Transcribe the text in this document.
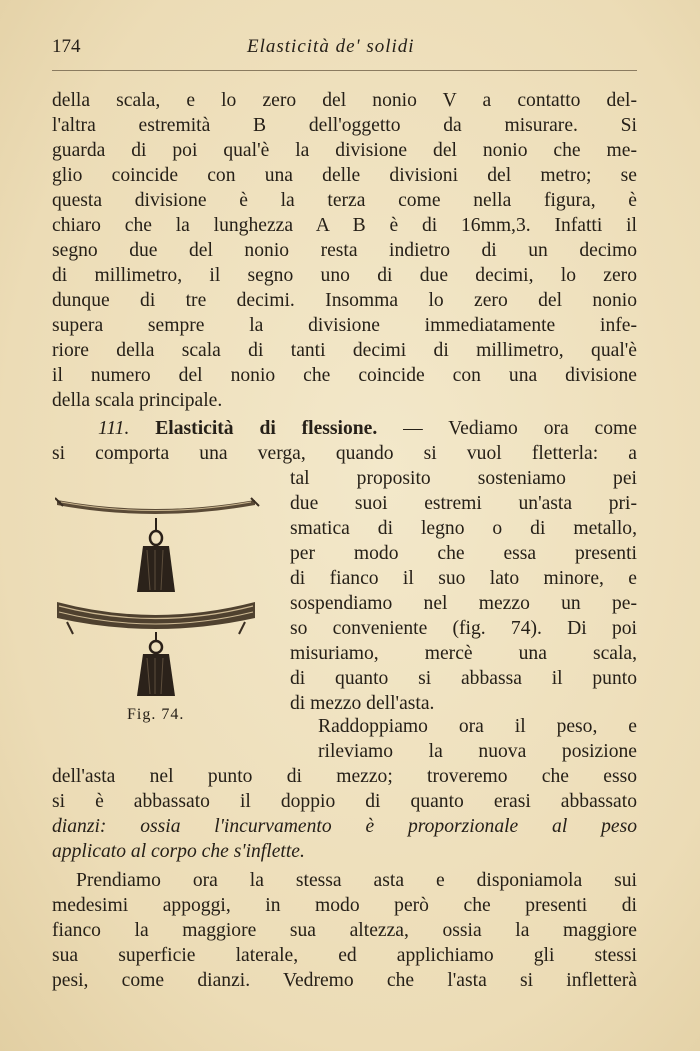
174	Elasticità de' solidi
della scala, e lo zero del nonio V a contatto del-
l'altra estremità B dell'oggetto da misurare. Si
guarda di poi qual'è la divisione del nonio che me-
glio coincide con una delle divisioni del metro; se
questa divisione è la terza come nella figura, è
chiaro che la lunghezza A B è di 16mm,3. Infatti il
segno due del nonio resta indietro di un decimo
di millimetro, il segno uno di due decimi, lo zero
dunque di tre decimi. Insomma lo zero del nonio
supera sempre la divisione immediatamente infe-
riore della scala di tanti decimi di millimetro, qual'è
il numero del nonio che coincide con una divisione
della scala principale.
111. Elasticità di flessione. — Vediamo ora come
si comporta una verga, quando si vuol fletterla: a
tal proposito sosteniamo pei
due suoi estremi un'asta pri-
smatica di legno o di metallo,
per modo che essa presenti
di fianco il suo lato minore, e
sospendiamo nel mezzo un pe-
so conveniente (fig. 74). Di poi
misuriamo, mercè una scala,
di quanto si abbassa il punto
di mezzo dell'asta.
Raddoppiamo ora il peso, e
rileviamo la nuova posizione
dell'asta nel punto di mezzo; troveremo che esso
si è abbassato il doppio di quanto erasi abbassato
dianzi: ossia l'incurvamento è proporzionale al peso
applicato al corpo che s'inflette.
Prendiamo ora la stessa asta e disponiamola sui
medesimi appoggi, in modo però che presenti di
fianco la maggiore sua altezza, ossia la maggiore
sua superficie laterale, ed applichiamo gli stessi
pesi, come dianzi. Vedremo che l'asta si infletterà
Fig. 74.
